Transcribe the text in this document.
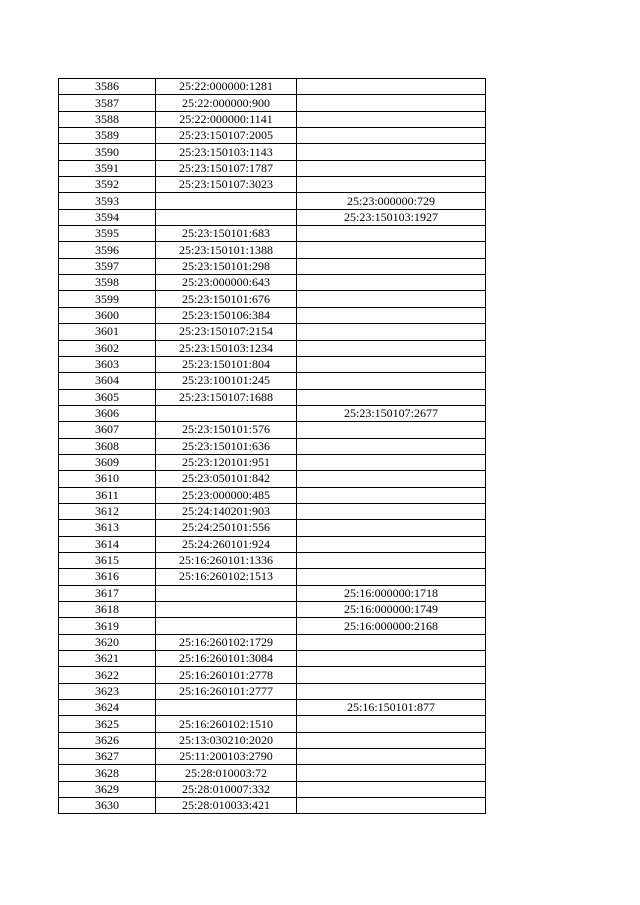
3586	25:22:000000:1281	
3587	25:22:000000:900	
3588	25:22:000000:1141	
3589	25:23:150107:2005	
3590	25:23:150103:1143	
3591	25:23:150107:1787	
3592	25:23:150107:3023	
3593		25:23:000000:729
3594		25:23:150103:1927
3595	25:23:150101:683	
3596	25:23:150101:1388	
3597	25:23:150101:298	
3598	25:23:000000:643	
3599	25:23:150101:676	
3600	25:23:150106:384	
3601	25:23:150107:2154	
3602	25:23:150103:1234	
3603	25:23:150101:804	
3604	25:23:100101:245	
3605	25:23:150107:1688	
3606		25:23:150107:2677
3607	25:23:150101:576	
3608	25:23:150101:636	
3609	25:23:120101:951	
3610	25:23:050101:842	
3611	25:23:000000:485	
3612	25:24:140201:903	
3613	25:24:250101:556	
3614	25:24:260101:924	
3615	25:16:260101:1336	
3616	25:16:260102:1513	
3617		25:16:000000:1718
3618		25:16:000000:1749
3619		25:16:000000:2168
3620	25:16:260102:1729	
3621	25:16:260101:3084	
3622	25:16:260101:2778	
3623	25:16:260101:2777	
3624		25:16:150101:877
3625	25:16:260102:1510	
3626	25:13:030210:2020	
3627	25:11:200103:2790	
3628	25:28:010003:72	
3629	25:28:010007:332	
3630	25:28:010033:421	
